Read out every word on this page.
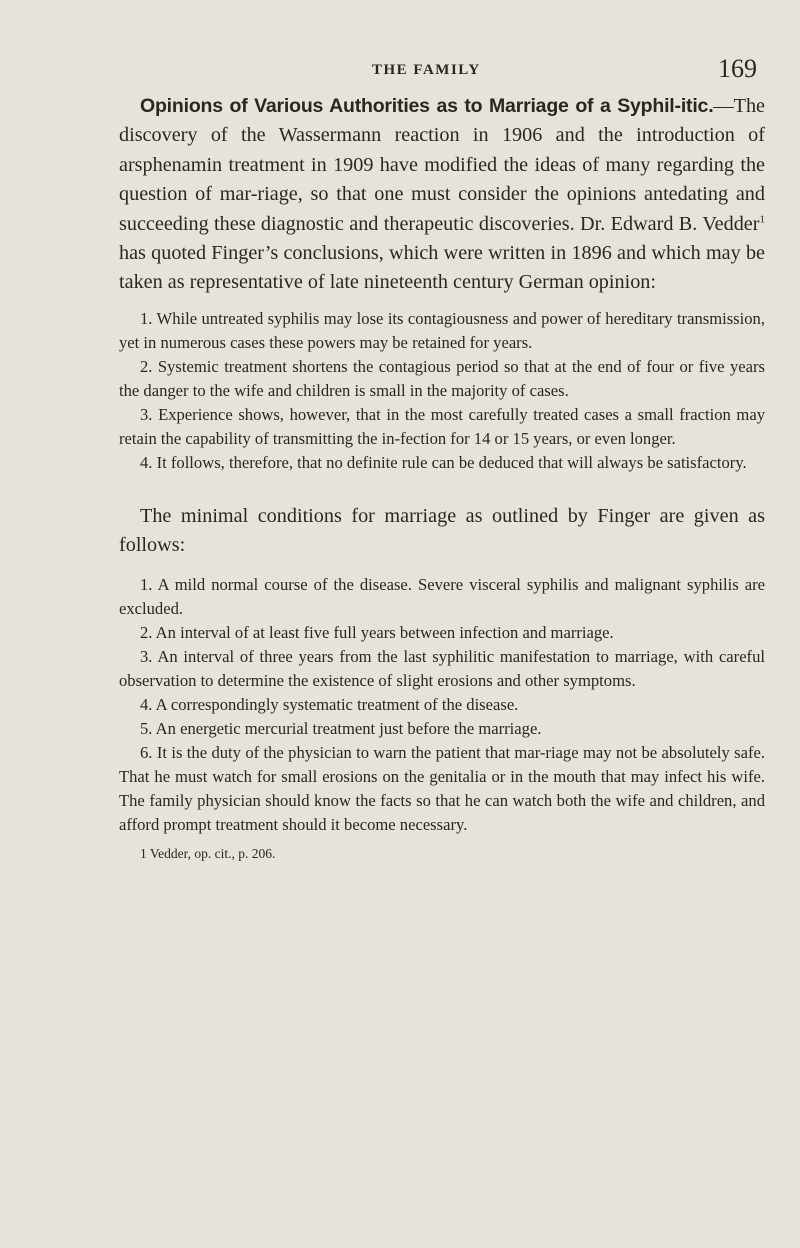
THE FAMILY	169

Opinions of Various Authorities as to Marriage of a Syphil-itic.—The discovery of the Wassermann reaction in 1906 and the introduction of arsphenamin treatment in 1909 have modified the ideas of many regarding the question of mar-riage, so that one must consider the opinions antedating and succeeding these diagnostic and therapeutic discoveries. Dr. Edward B. Vedder$^1$ has quoted Finger’s conclusions, which were written in 1896 and which may be taken as representative of late nineteenth century German opinion:

1. While untreated syphilis may lose its contagiousness and power of hereditary transmission, yet in numerous cases these powers may be retained for years.
2. Systemic treatment shortens the contagious period so that at the end of four or five years the danger to the wife and children is small in the majority of cases.
3. Experience shows, however, that in the most carefully treated cases a small fraction may retain the capability of transmitting the in-fection for 14 or 15 years, or even longer.
4. It follows, therefore, that no definite rule can be deduced that will always be satisfactory.

The minimal conditions for marriage as outlined by Finger are given as follows:

1. A mild normal course of the disease. Severe visceral syphilis and malignant syphilis are excluded.
2. An interval of at least five full years between infection and marriage.
3. An interval of three years from the last syphilitic manifestation to marriage, with careful observation to determine the existence of slight erosions and other symptoms.
4. A correspondingly systematic treatment of the disease.
5. An energetic mercurial treatment just before the marriage.
6. It is the duty of the physician to warn the patient that mar-riage may not be absolutely safe. That he must watch for small erosions on the genitalia or in the mouth that may infect his wife. The family physician should know the facts so that he can watch both the wife and children, and afford prompt treatment should it become necessary.

1 Vedder, op. cit., p. 206.
